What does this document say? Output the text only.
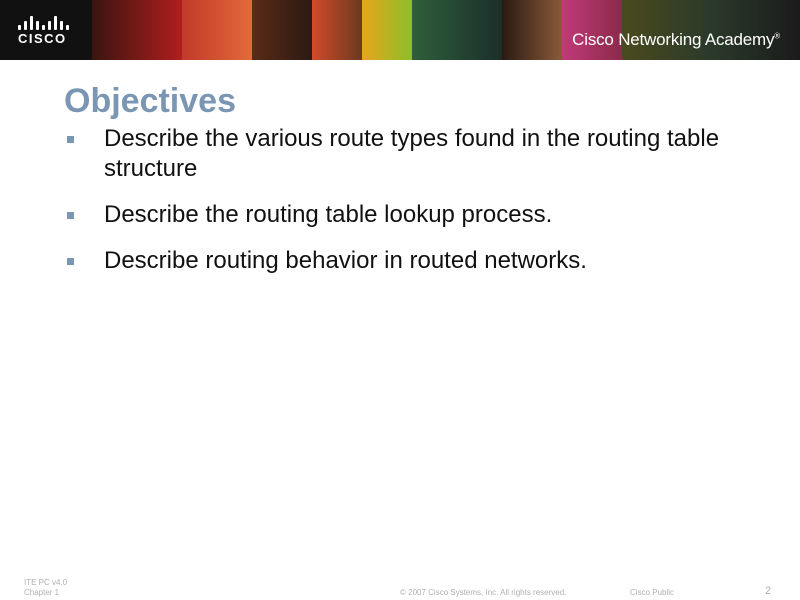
CISCO	Cisco Networking Academy®
Objectives
Describe the various route types found in the routing table structure
Describe the routing table lookup process.
Describe routing behavior in routed networks.
ITE PC v4.0
Chapter 1	© 2007 Cisco Systems, Inc. All rights reserved.	Cisco Public	2
